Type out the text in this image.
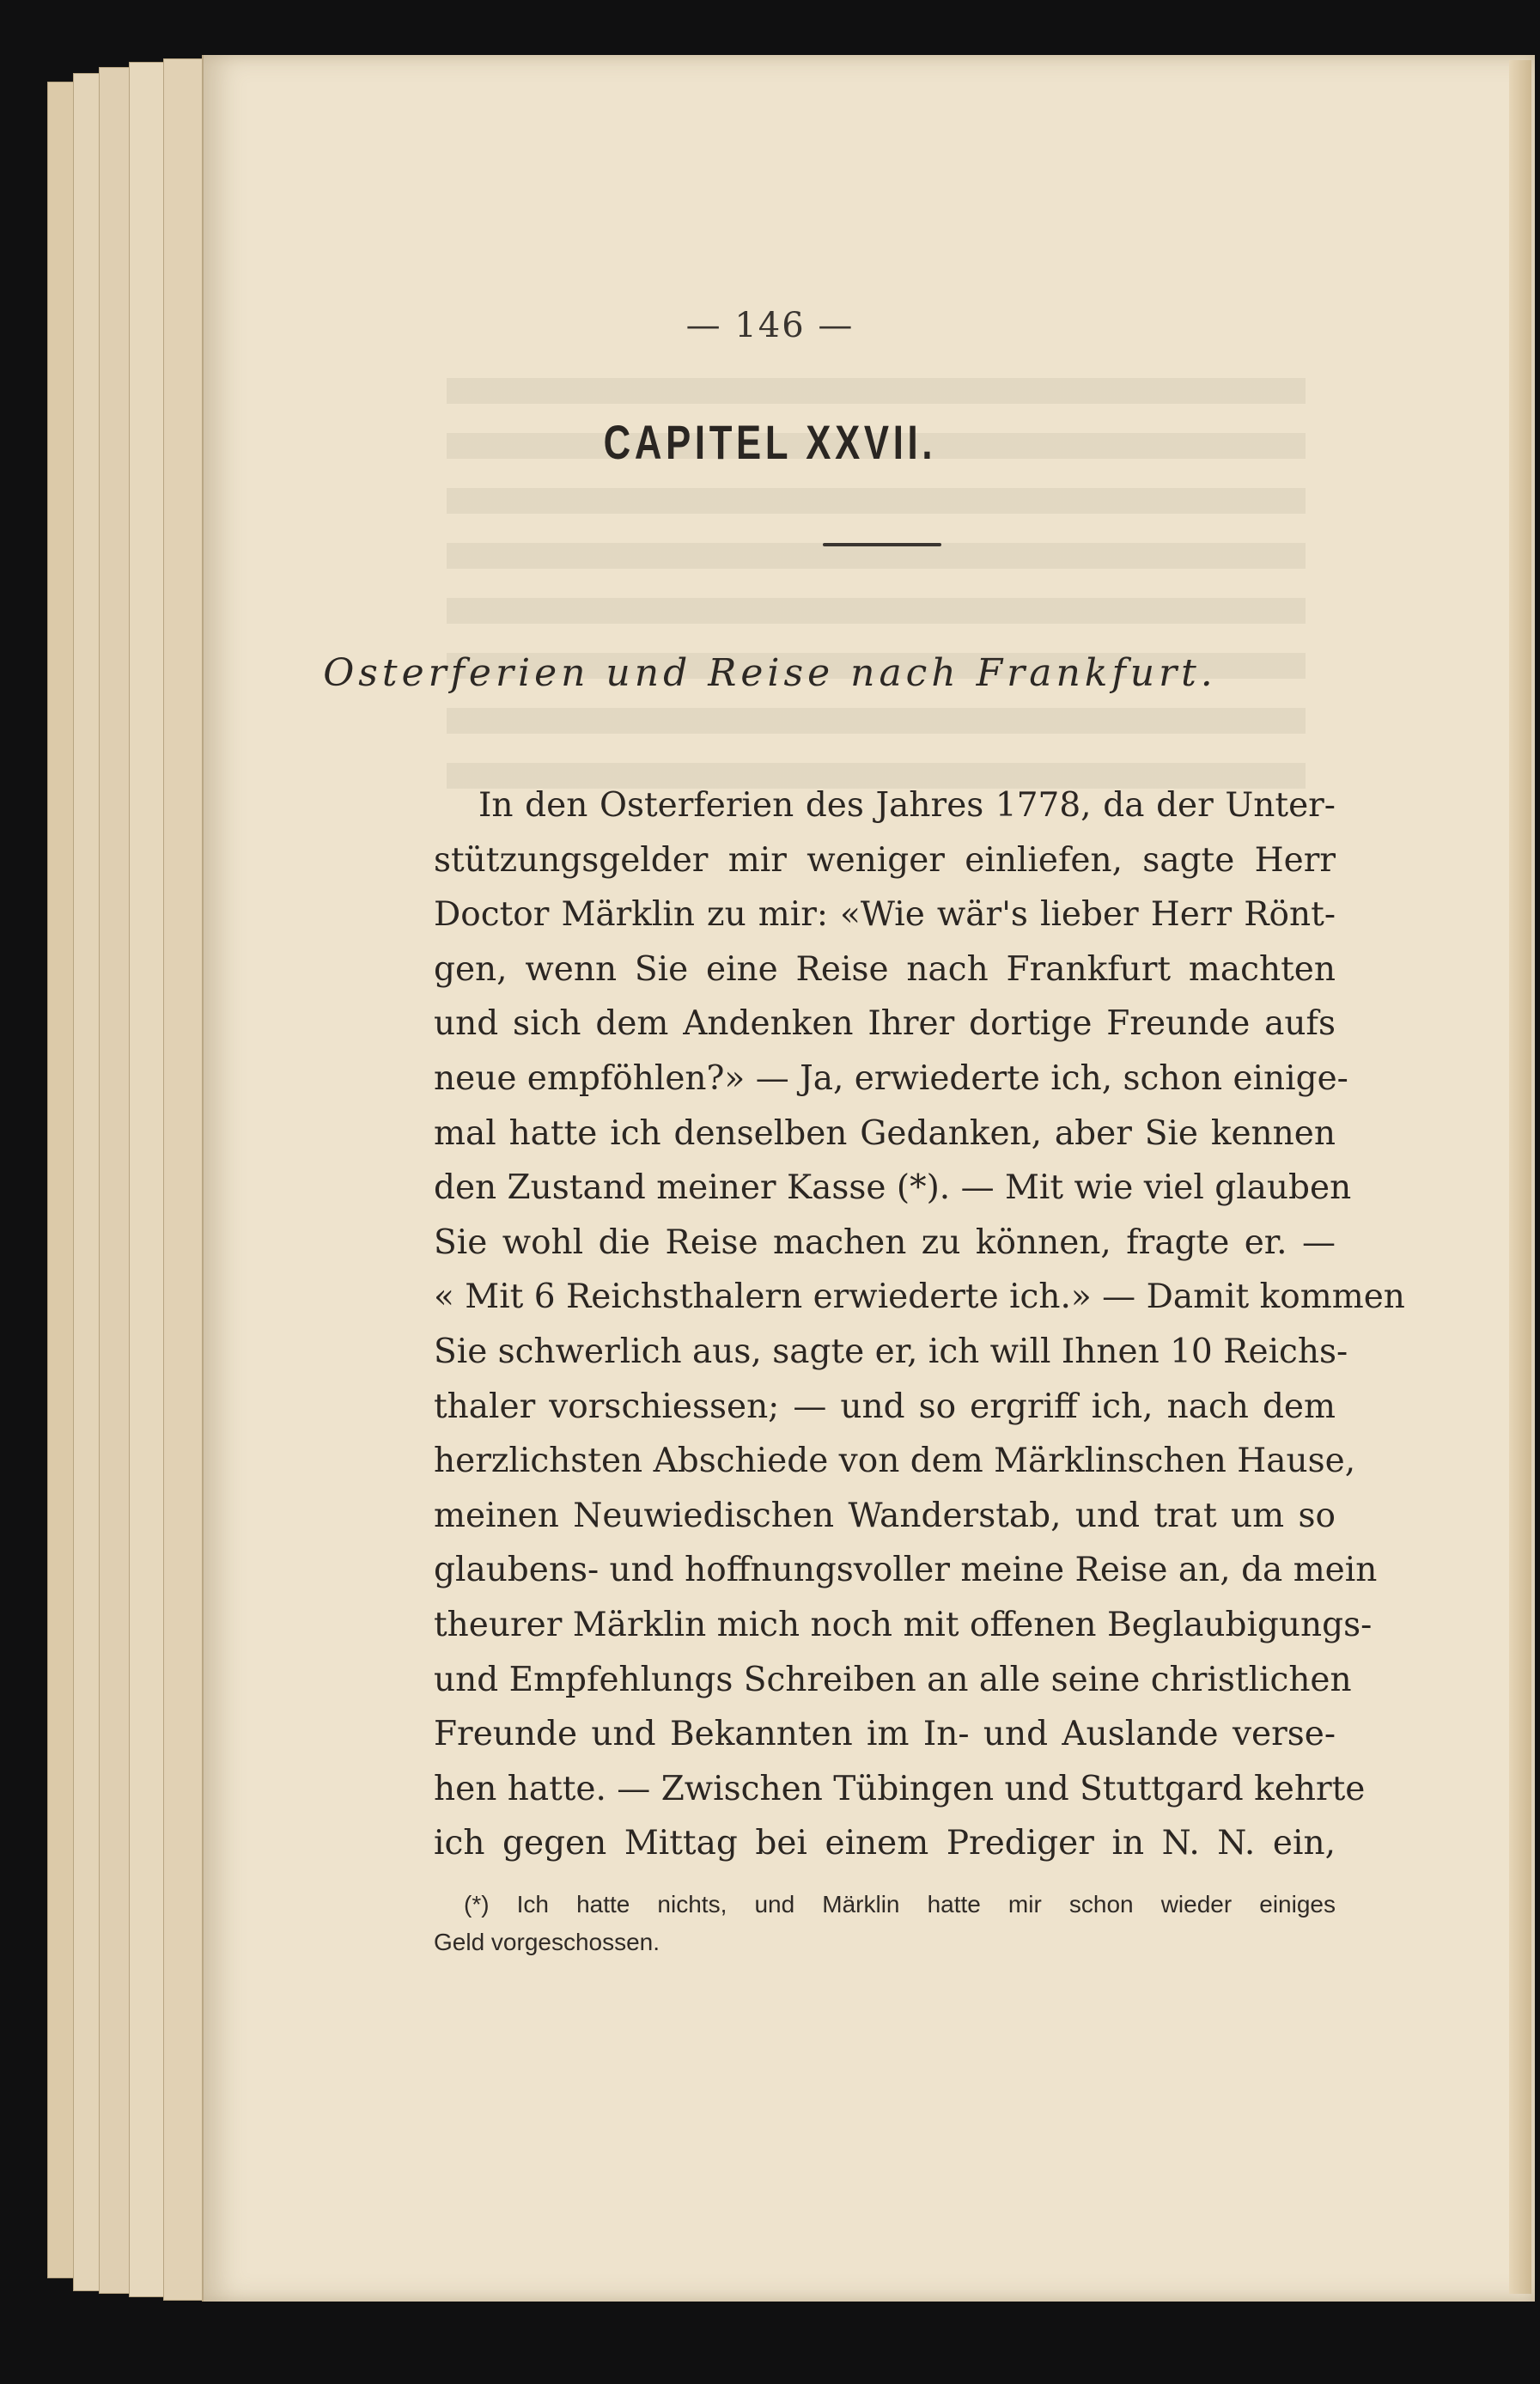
— 146 —
CAPITEL XXVII.
Osterferien und Reise nach Frankfurt.
In den Osterferien des Jahres 1778, da der Unter-
stützungsgelder mir weniger einliefen, sagte Herr
Doctor Märklin zu mir: «Wie wär's lieber Herr Rönt-
gen, wenn Sie eine Reise nach Frankfurt machten
und sich dem Andenken Ihrer dortige Freunde aufs
neue empföhlen?» — Ja, erwiederte ich, schon einige-
mal hatte ich denselben Gedanken, aber Sie kennen
den Zustand meiner Kasse (*). — Mit wie viel glauben
Sie wohl die Reise machen zu können, fragte er. —
« Mit 6 Reichsthalern erwiederte ich.» — Damit kommen
Sie schwerlich aus, sagte er, ich will Ihnen 10 Reichs-
thaler vorschiessen; — und so ergriff ich, nach dem
herzlichsten Abschiede von dem Märklinschen Hause,
meinen Neuwiedischen Wanderstab, und trat um so
glaubens- und hoffnungsvoller meine Reise an, da mein
theurer Märklin mich noch mit offenen Beglaubigungs-
und Empfehlungs Schreiben an alle seine christlichen
Freunde und Bekannten im In- und Auslande verse-
hen hatte. — Zwischen Tübingen und Stuttgard kehrte
ich gegen Mittag bei einem Prediger in N. N. ein,
(*) Ich hatte nichts, und Märklin hatte mir schon wieder einiges
Geld vorgeschossen.
